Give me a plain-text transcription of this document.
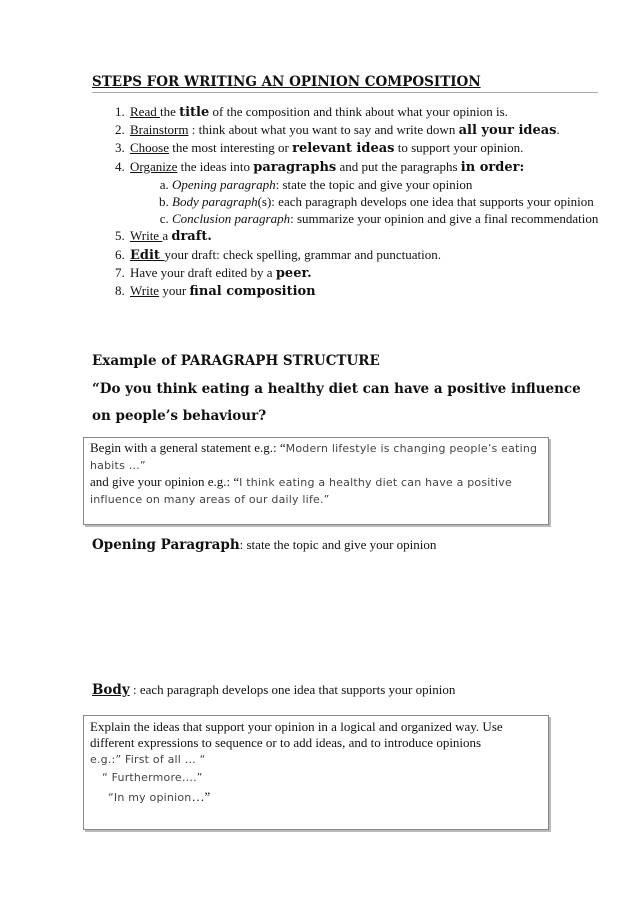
STEPS FOR WRITING AN OPINION COMPOSITION
1. Read the title of the composition and think about what your opinion is.
2. Brainstorm : think about what you want to say and write down all your ideas.
3. Choose the most interesting or relevant ideas to support your opinion.
4. Organize the ideas into paragraphs and put the paragraphs in order:
a. Opening paragraph: state the topic and give your opinion
b. Body paragraph(s): each paragraph develops one idea that supports your opinion
c. Conclusion paragraph: summarize your opinion and give a final recommendation
5. Write a draft.
6. Edit your draft: check spelling, grammar and punctuation.
7. Have your draft edited by a peer.
8. Write your final composition
Example of PARAGRAPH STRUCTURE
“Do you think eating a healthy diet can have a positive influence on people’s behaviour?

Begin with a general statement e.g.: “Modern lifestyle is changing people’s eating habits …”

and give your opinion e.g.: “I think eating a healthy diet can have a positive influence on many areas of our daily life.”

Opening Paragraph: state the topic and give your opinion
Body : each paragraph develops one idea that supports your opinion

Explain the ideas that support your opinion in a logical and organized way. Use different expressions to sequence or to add ideas, and to introduce opinions

e.g.:” First of all … “

“ Furthermore….”

“In my opinion…”
